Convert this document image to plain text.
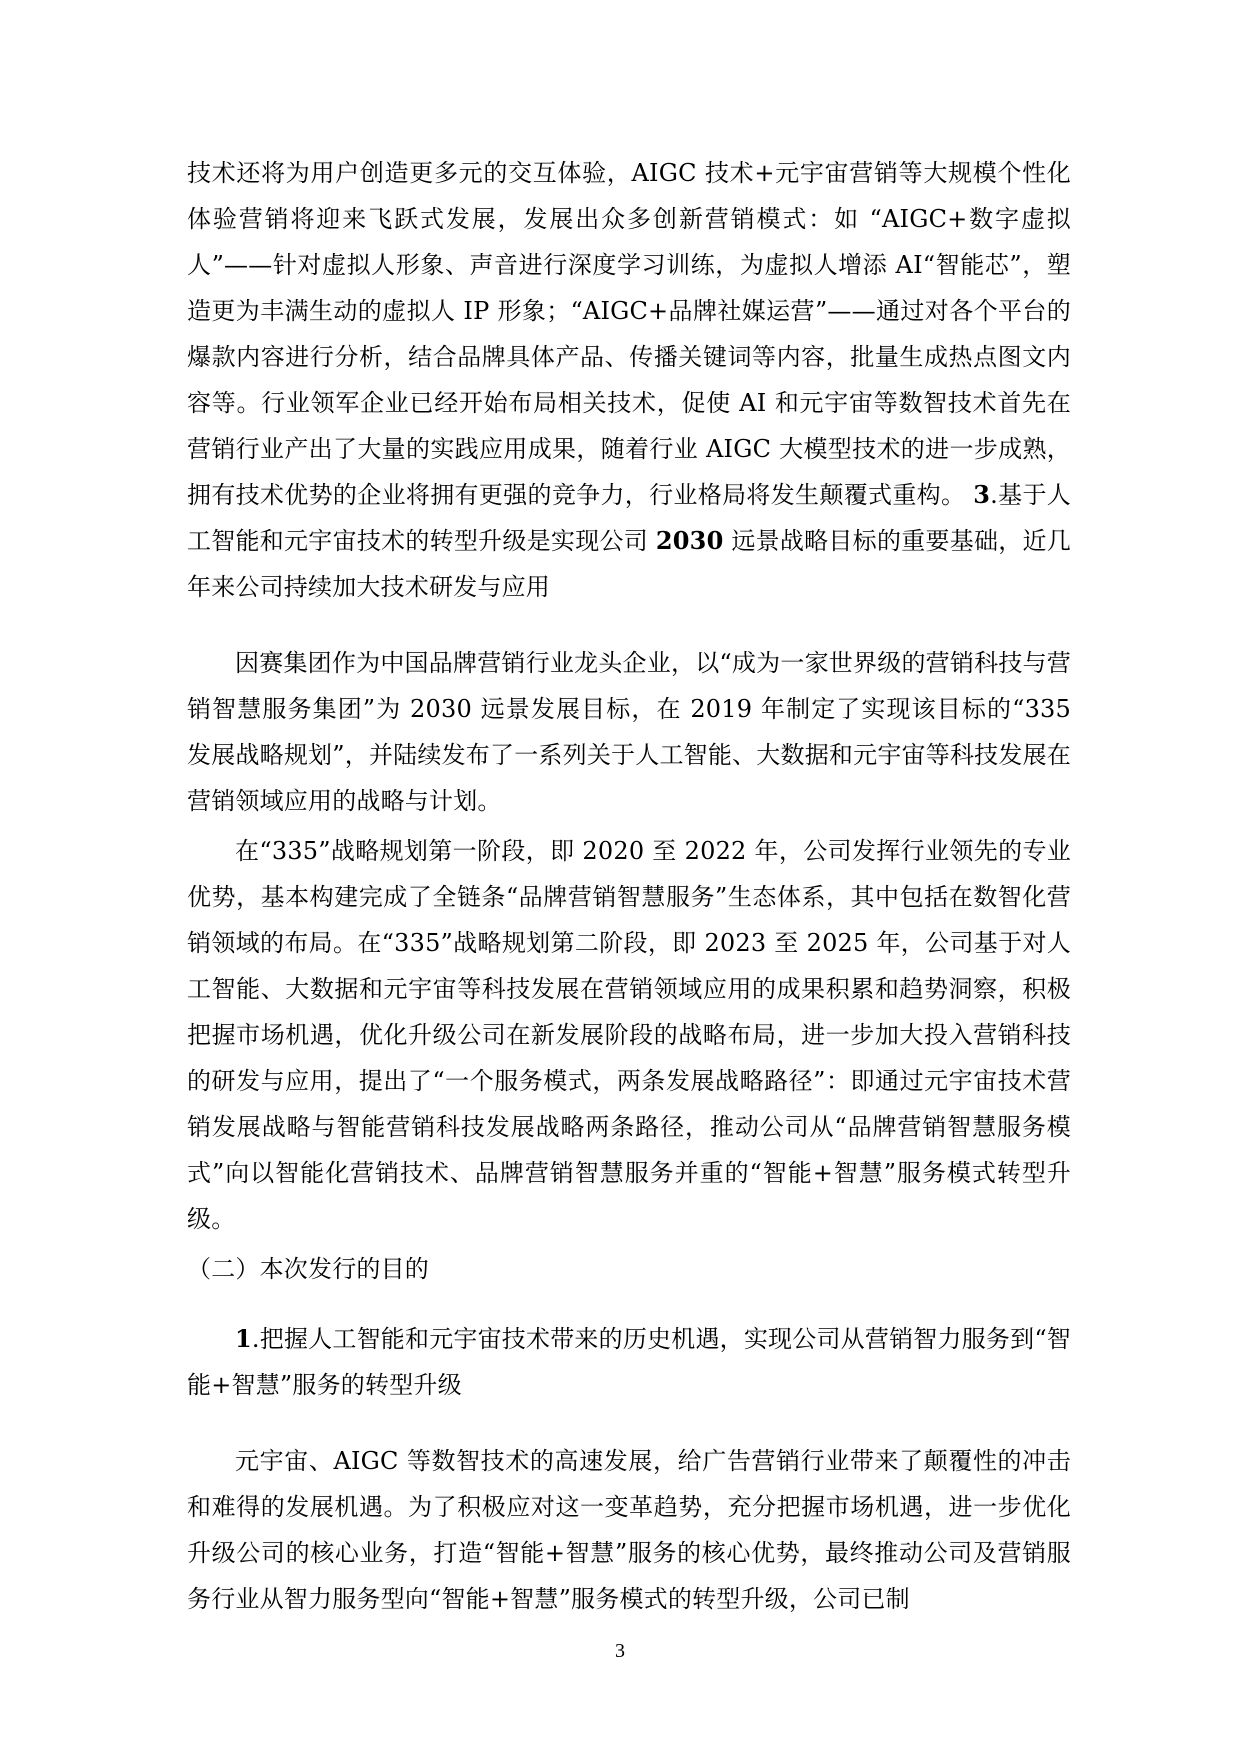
技术还将为用户创造更多元的交互体验，AIGC 技术+元宇宙营销等大规模个性化体验营销将迎来飞跃式发展，发展出众多创新营销模式：如 “AIGC+数字虚拟人”——针对虚拟人形象、声音进行深度学习训练，为虚拟人增添 AI“智能芯”，塑造更为丰满生动的虚拟人 IP 形象；“AIGC+品牌社媒运营”——通过对各个平台的爆款内容进行分析，结合品牌具体产品、传播关键词等内容，批量生成热点图文内容等。行业领军企业已经开始布局相关技术，促使 AI 和元宇宙等数智技术首先在营销行业产出了大量的实践应用成果，随着行业 AIGC 大模型技术的进一步成熟，拥有技术优势的企业将拥有更强的竞争力，行业格局将发生颠覆式重构。 3.基于人工智能和元宇宙技术的转型升级是实现公司 2030 远景战略目标的重要基础，近几年来公司持续加大技术研发与应用

因赛集团作为中国品牌营销行业龙头企业，以“成为一家世界级的营销科技与营销智慧服务集团”为 2030 远景发展目标，在 2019 年制定了实现该目标的“335 发展战略规划”，并陆续发布了一系列关于人工智能、大数据和元宇宙等科技发展在营销领域应用的战略与计划。

在“335”战略规划第一阶段，即 2020 至 2022 年，公司发挥行业领先的专业优势，基本构建完成了全链条“品牌营销智慧服务”生态体系，其中包括在数智化营销领域的布局。在“335”战略规划第二阶段，即 2023 至 2025 年，公司基于对人工智能、大数据和元宇宙等科技发展在营销领域应用的成果积累和趋势洞察，积极把握市场机遇，优化升级公司在新发展阶段的战略布局，进一步加大投入营销科技的研发与应用，提出了“一个服务模式，两条发展战略路径”：即通过元宇宙技术营销发展战略与智能营销科技发展战略两条路径，推动公司从“品牌营销智慧服务模式”向以智能化营销技术、品牌营销智慧服务并重的“智能+智慧”服务模式转型升级。

（二）本次发行的目的

1.把握人工智能和元宇宙技术带来的历史机遇，实现公司从营销智力服务到“智能+智慧”服务的转型升级

元宇宙、AIGC 等数智技术的高速发展，给广告营销行业带来了颠覆性的冲击和难得的发展机遇。为了积极应对这一变革趋势，充分把握市场机遇，进一步优化升级公司的核心业务，打造“智能+智慧”服务的核心优势，最终推动公司及营销服务行业从智力服务型向“智能+智慧”服务模式的转型升级，公司已制

3
